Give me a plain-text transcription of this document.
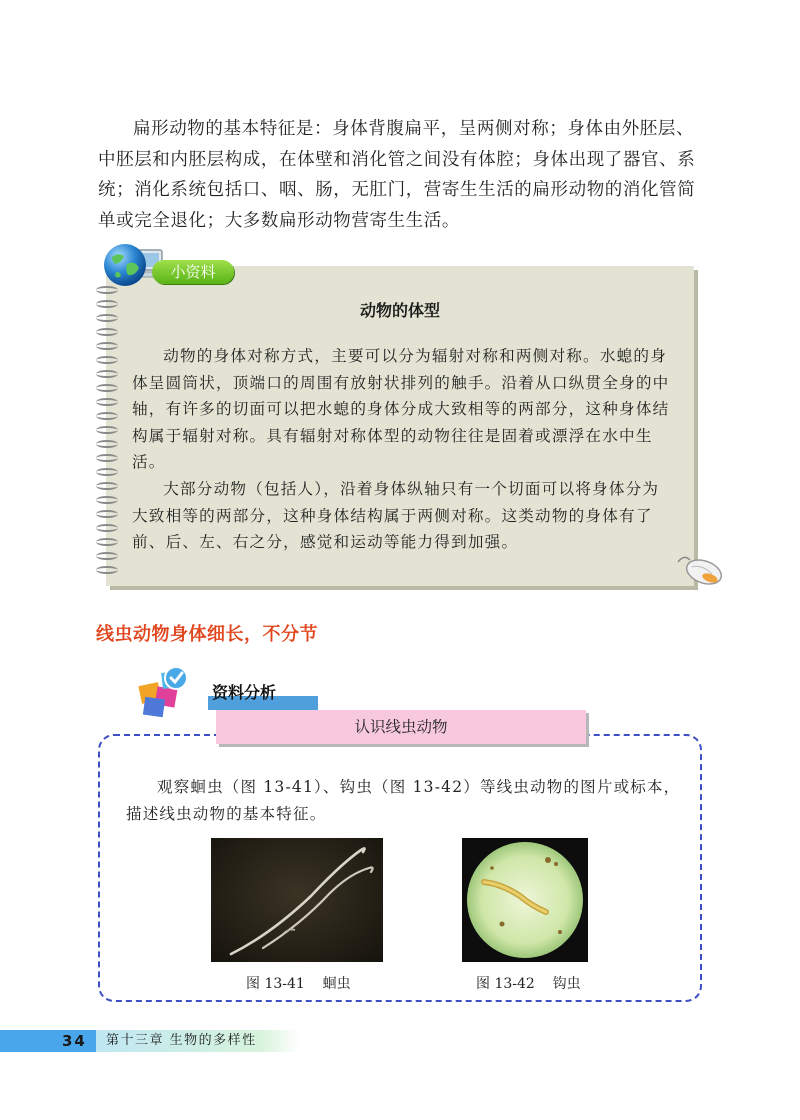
扁形动物的基本特征是：身体背腹扁平，呈两侧对称；身体由外胚层、中胚层和内胚层构成，在体壁和消化管之间没有体腔；身体出现了器官、系统；消化系统包括口、咽、肠，无肛门，营寄生生活的扁形动物的消化管简单或完全退化；大多数扁形动物营寄生生活。

小资料
动物的体型

动物的身体对称方式，主要可以分为辐射对称和两侧对称。水螅的身体呈圆筒状，顶端口的周围有放射状排列的触手。沿着从口纵贯全身的中轴，有许多的切面可以把水螅的身体分成大致相等的两部分，这种身体结构属于辐射对称。具有辐射对称体型的动物往往是固着或漂浮在水中生活。

大部分动物（包括人），沿着身体纵轴只有一个切面可以将身体分为大致相等的两部分，这种身体结构属于两侧对称。这类动物的身体有了前、后、左、右之分，感觉和运动等能力得到加强。

线虫动物身体细长，不分节
资料分析
认识线虫动物

观察蛔虫（图 13-41）、钩虫（图 13-42）等线虫动物的图片或标本，描述线虫动物的基本特征。

图 13-41    蛔虫	图 13-42    钩虫
34	第十三章 生物的多样性
